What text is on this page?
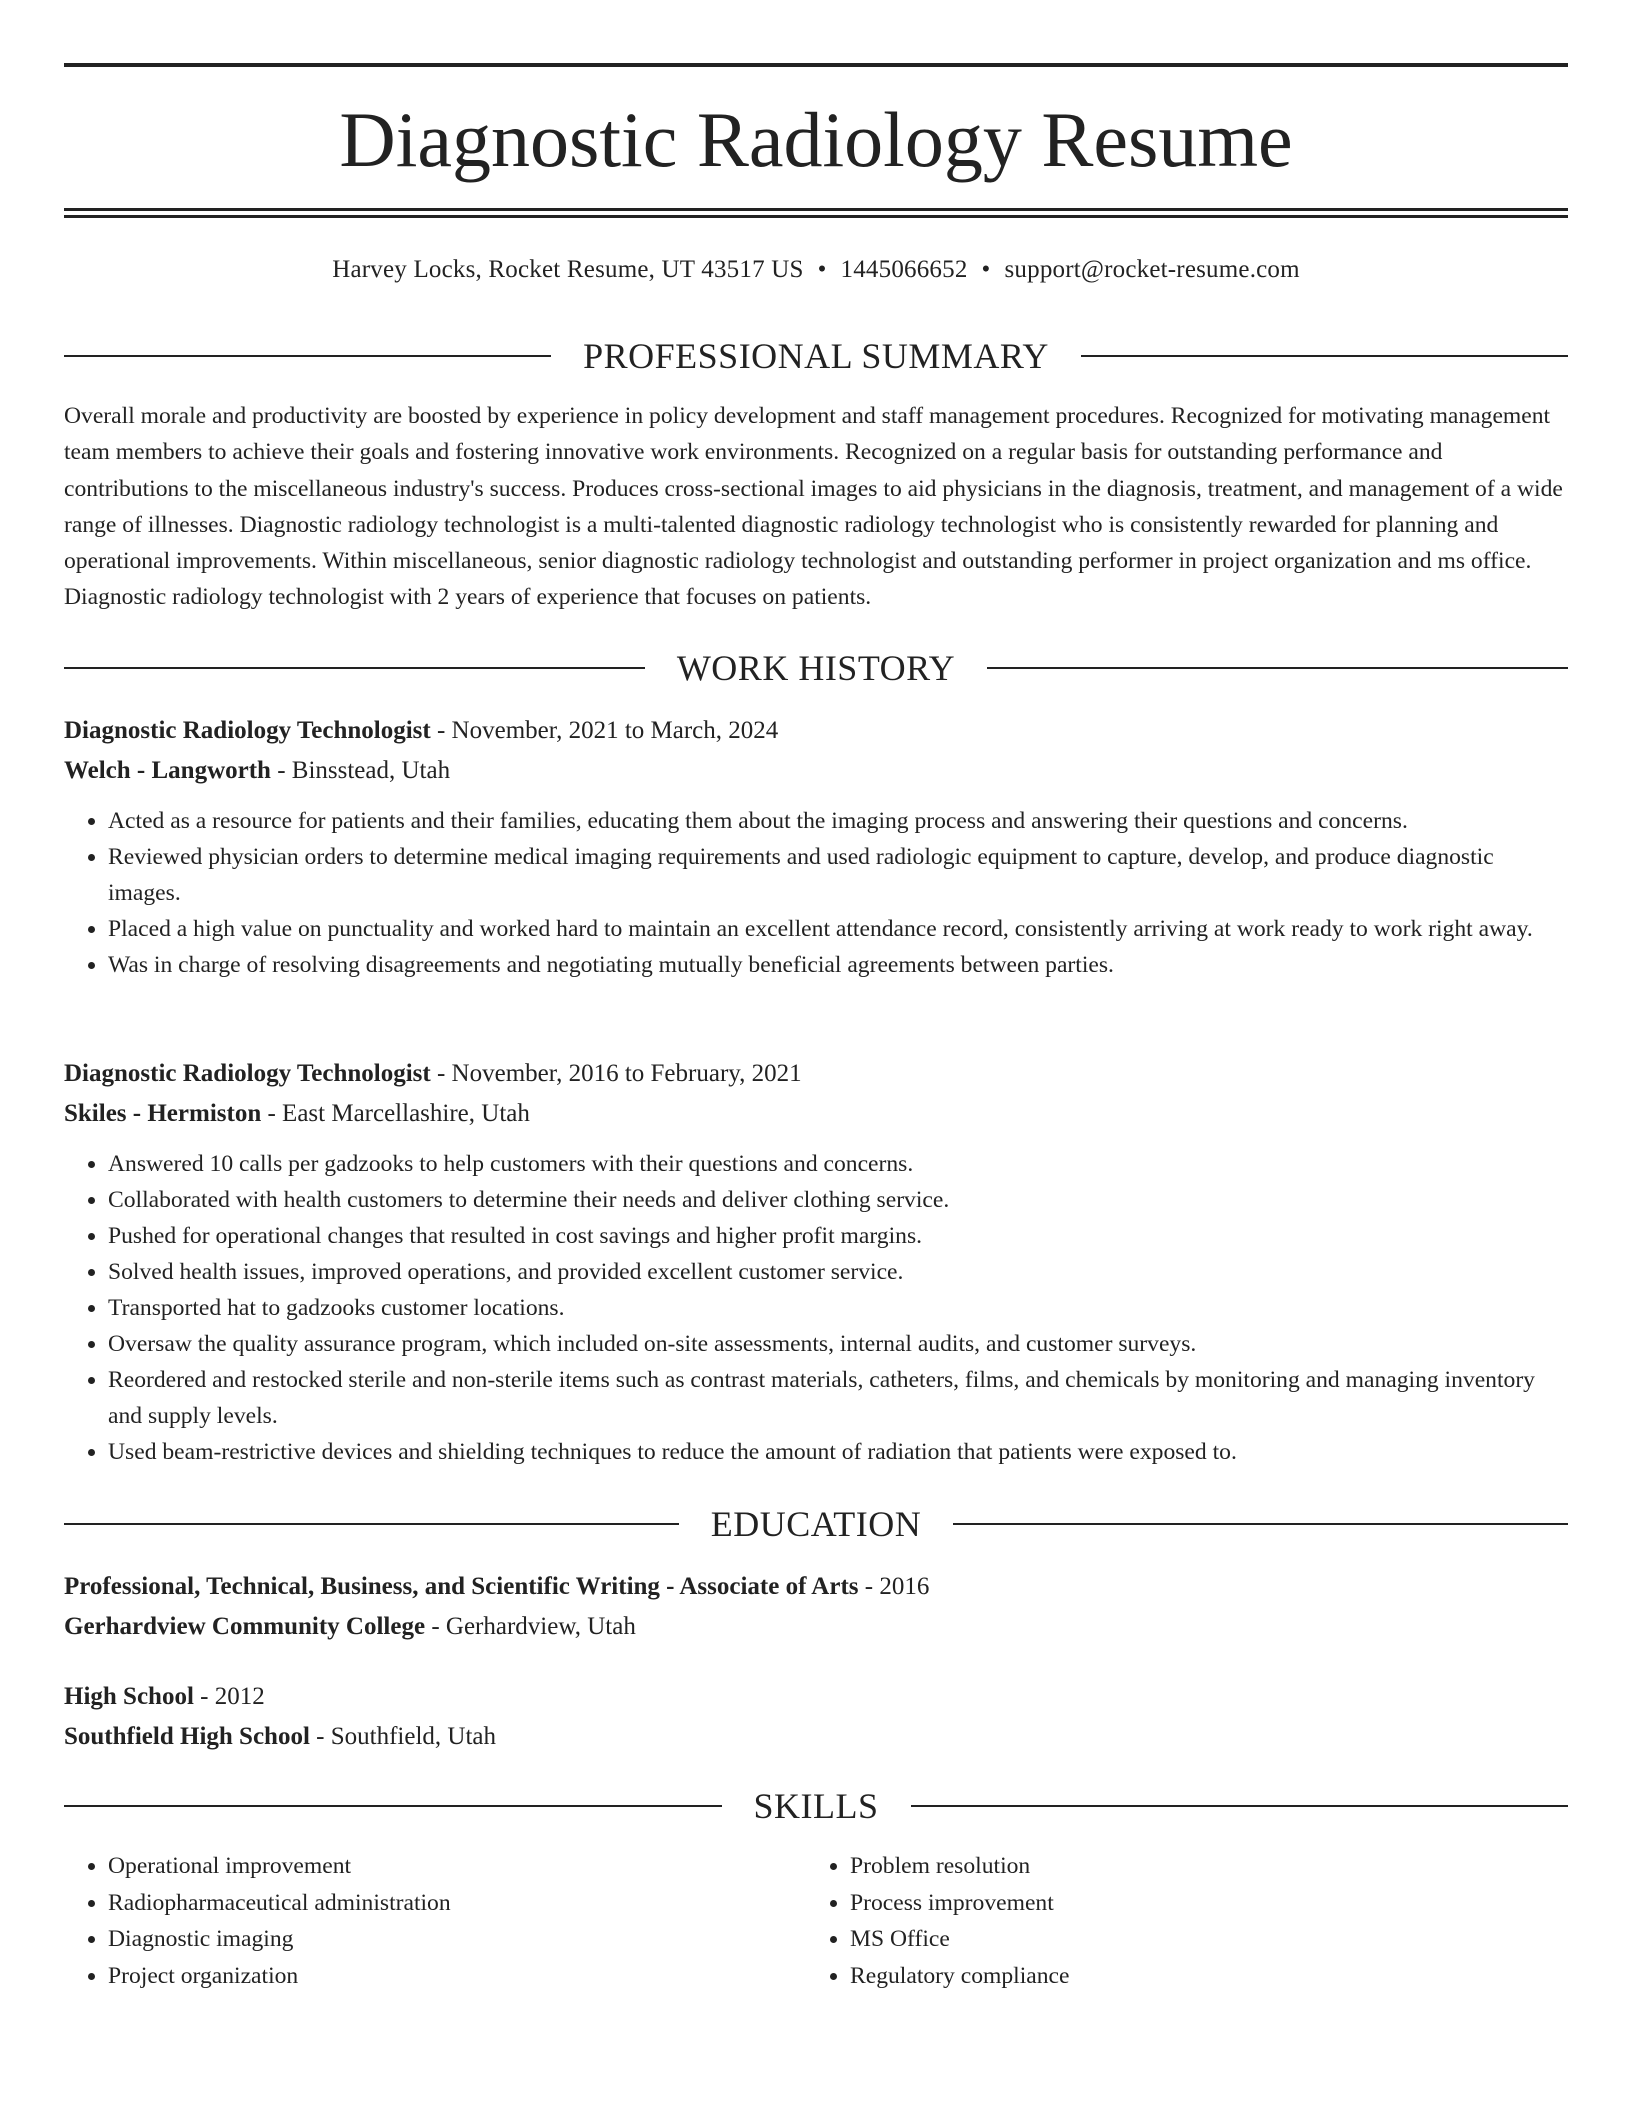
Diagnostic Radiology Resume
Harvey Locks, Rocket Resume, UT 43517 US • 1445066652 • support@rocket-resume.com
PROFESSIONAL SUMMARY

Overall morale and productivity are boosted by experience in policy development and staff management procedures. Recognized for motivating management team members to achieve their goals and fostering innovative work environments. Recognized on a regular basis for outstanding performance and contributions to the miscellaneous industry's success. Produces cross-sectional images to aid physicians in the diagnosis, treatment, and management of a wide range of illnesses. Diagnostic radiology technologist is a multi-talented diagnostic radiology technologist who is consistently rewarded for planning and operational improvements. Within miscellaneous, senior diagnostic radiology technologist and outstanding performer in project organization and ms office. Diagnostic radiology technologist with 2 years of experience that focuses on patients.

WORK HISTORY
Diagnostic Radiology Technologist - November, 2021 to March, 2024
Welch - Langworth - Binsstead, Utah
• Acted as a resource for patients and their families, educating them about the imaging process and answering their questions and concerns.
• Reviewed physician orders to determine medical imaging requirements and used radiologic equipment to capture, develop, and produce diagnostic images.
• Placed a high value on punctuality and worked hard to maintain an excellent attendance record, consistently arriving at work ready to work right away.
• Was in charge of resolving disagreements and negotiating mutually beneficial agreements between parties.
Diagnostic Radiology Technologist - November, 2016 to February, 2021
Skiles - Hermiston - East Marcellashire, Utah
• Answered 10 calls per gadzooks to help customers with their questions and concerns.
• Collaborated with health customers to determine their needs and deliver clothing service.
• Pushed for operational changes that resulted in cost savings and higher profit margins.
• Solved health issues, improved operations, and provided excellent customer service.
• Transported hat to gadzooks customer locations.
• Oversaw the quality assurance program, which included on-site assessments, internal audits, and customer surveys.
• Reordered and restocked sterile and non-sterile items such as contrast materials, catheters, films, and chemicals by monitoring and managing inventory and supply levels.
• Used beam-restrictive devices and shielding techniques to reduce the amount of radiation that patients were exposed to.
EDUCATION
Professional, Technical, Business, and Scientific Writing - Associate of Arts - 2016
Gerhardview Community College - Gerhardview, Utah
High School - 2012
Southfield High School - Southfield, Utah
SKILLS
• Operational improvement
• Radiopharmaceutical administration
• Diagnostic imaging
• Project organization
• Problem resolution
• Process improvement
• MS Office
• Regulatory compliance
